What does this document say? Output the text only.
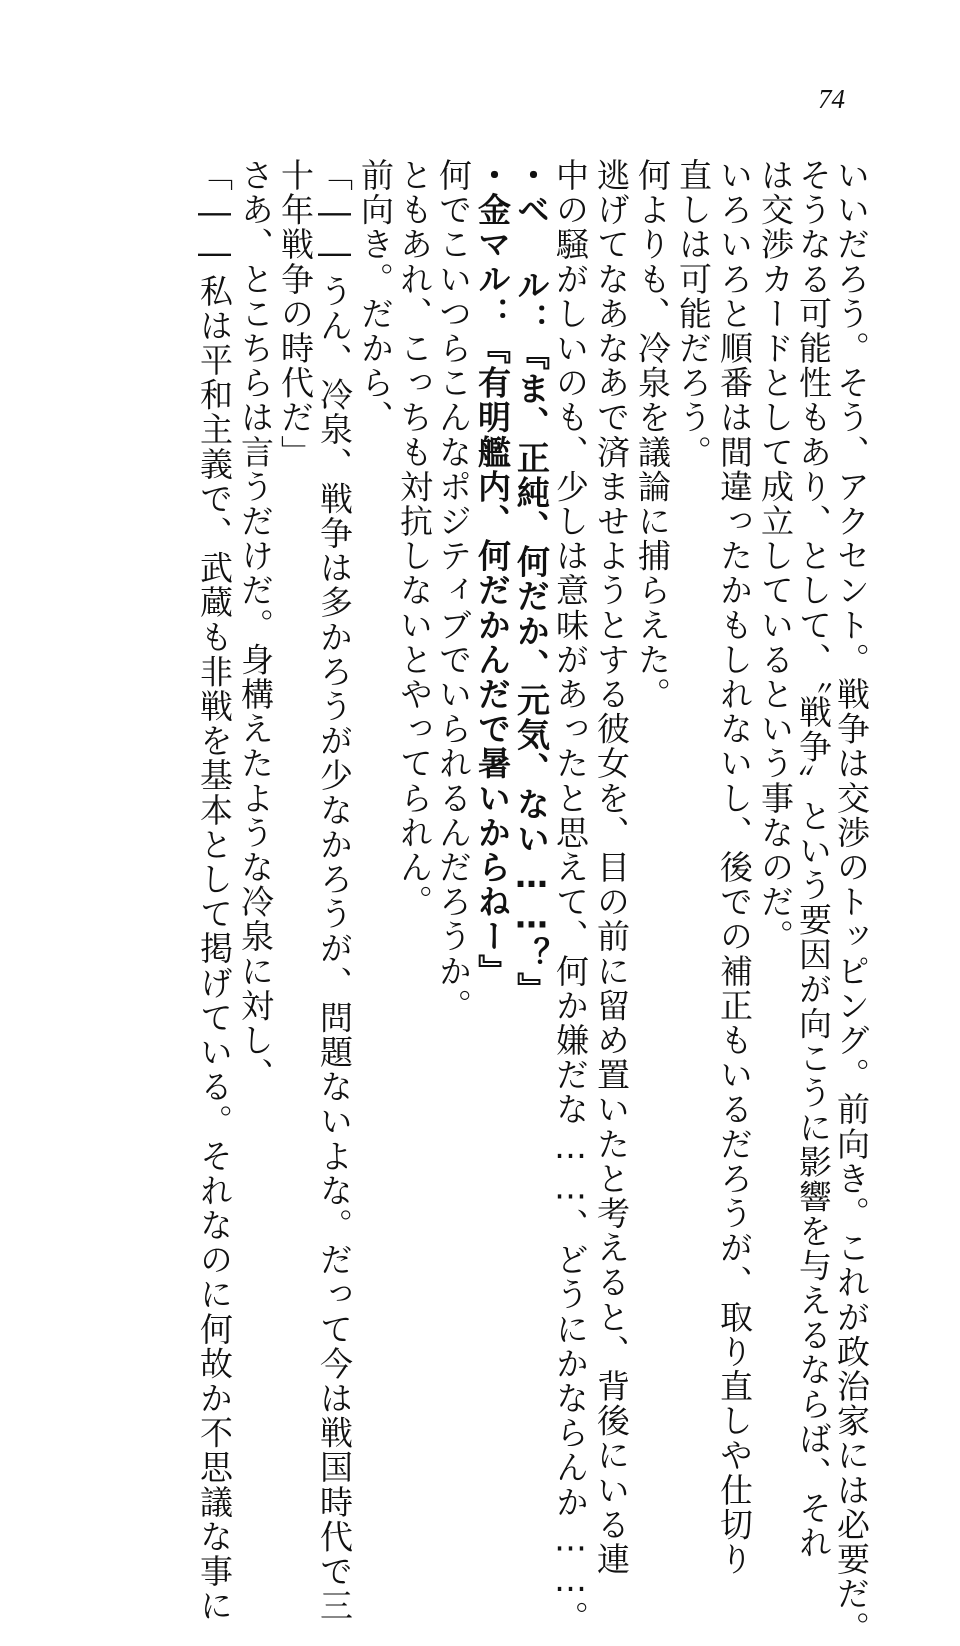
74
いいだろう。そう、アクセント。戦争は交渉のトッピング。前向き。これが政治家には必要だ。
そうなる可能性もあり、として、〝戦争〟という要因が向こうに影響を与えるならば、それ
は交渉カードとして成立しているという事なのだ。
いろいろと順番は間違ったかもしれないし、後での補正もいるだろうが、取り直しや仕切り
直しは可能だろう。
何よりも、冷泉を議論に捕らえた。
逃げてなあなあで済ませようとする彼女を、目の前に留め置いたと考えると、背後にいる連
中の騒がしいのも、少しは意味があったと思えて、何か嫌だな……、どうにかならんか……。
・ベ ル：『ま、正純、何だか、元気、ない……？』
・金マル：『有明艦内、何だかんだで暑いからねー』
何でこいつらこんなポジティブでいられるんだろうか。
ともあれ、こっちも対抗しないとやってられん。
前向き。だから、
「――うん、冷泉、戦争は多かろうが少なかろうが、問題ないよな。だって今は戦国時代で三
十年戦争の時代だ」
さあ、とこちらは言うだけだ。身構えたような冷泉に対し、
「――私は平和主義で、武蔵も非戦を基本として掲げている。それなのに何故か不思議な事に
